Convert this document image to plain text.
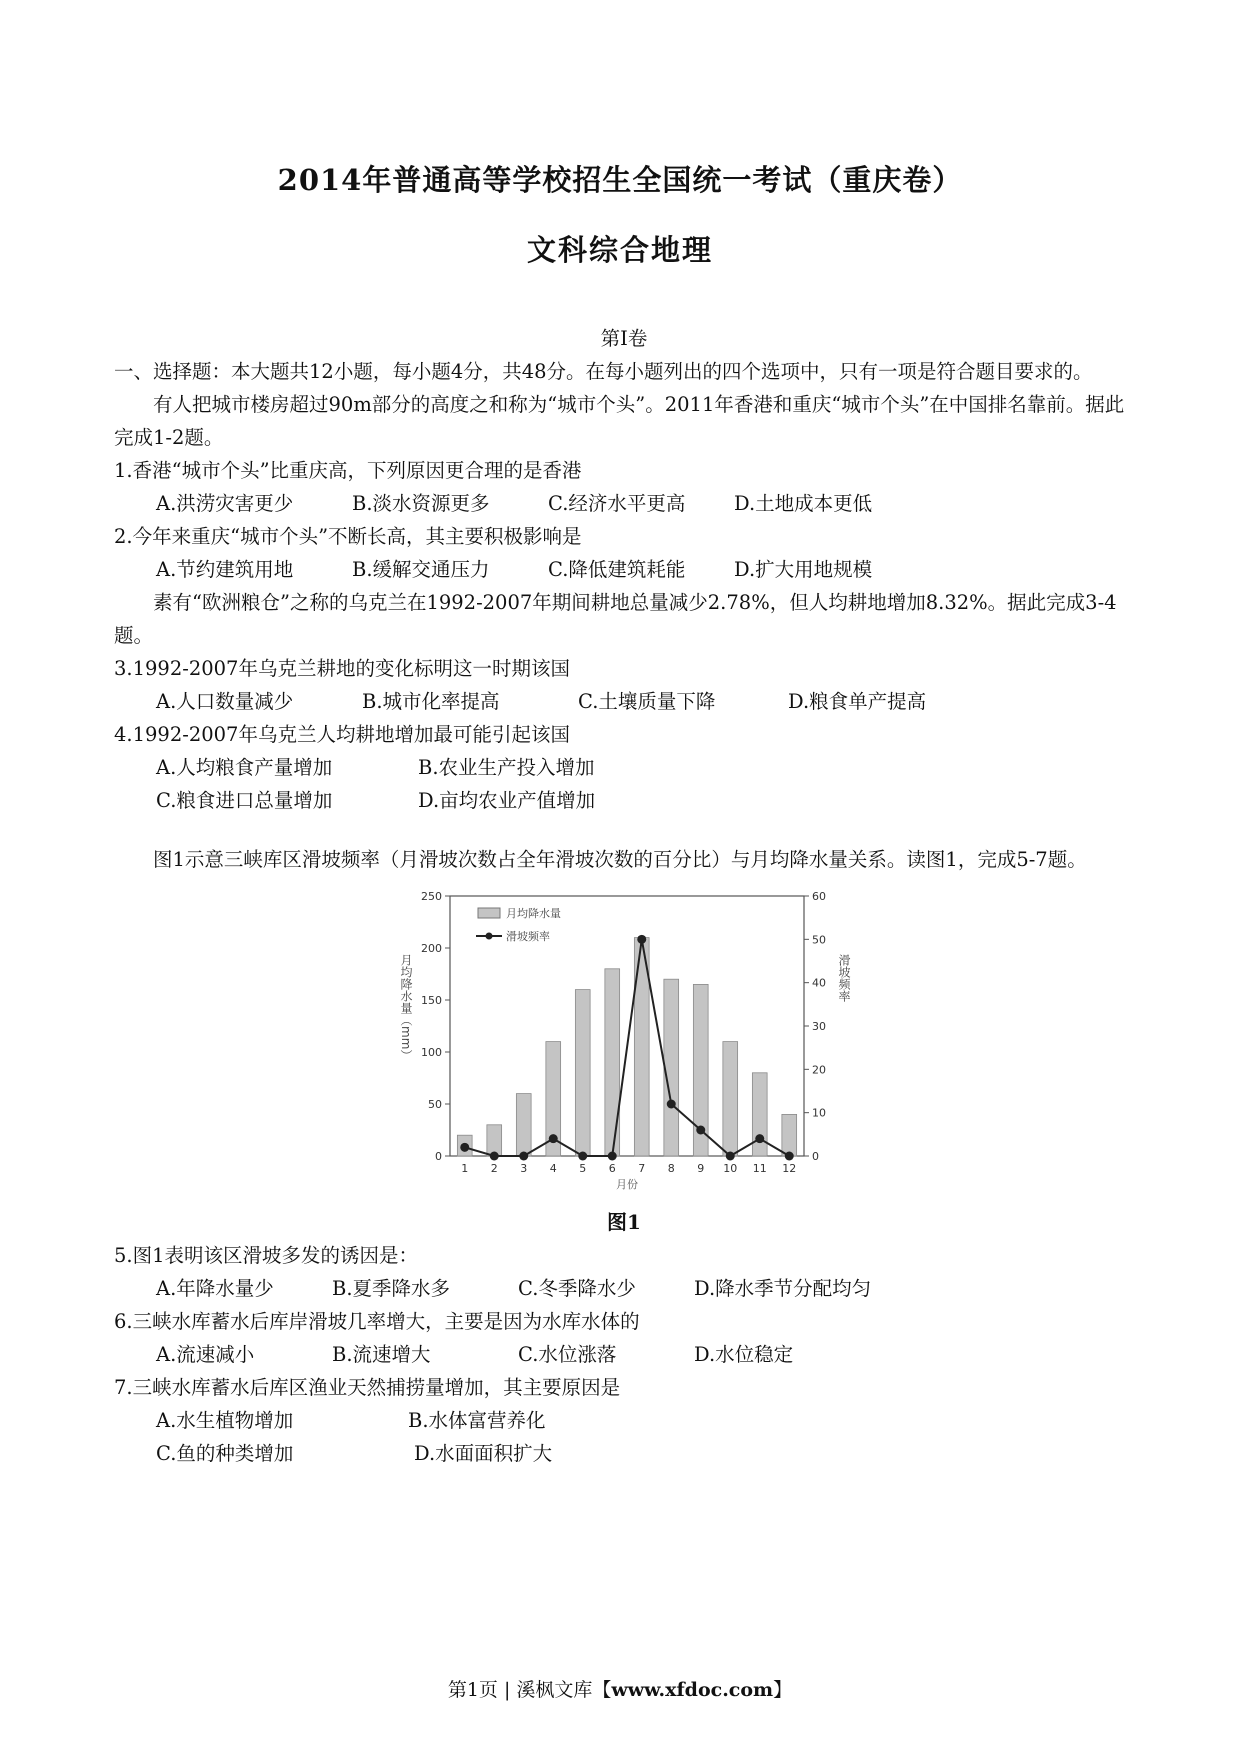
2014年普通高等学校招生全国统一考试（重庆卷）
文科综合地理
第Ⅰ卷
一、选择题：本大题共12小题，每小题4分，共48分。在每小题列出的四个选项中，只有一项是符合题目要求的。
有人把城市楼房超过90m部分的高度之和称为“城市个头”。2011年香港和重庆“城市个头”在中国排名靠前。据此完成1-2题。
1.香港“城市个头”比重庆高，下列原因更合理的是香港
A.洪涝灾害更少	B.淡水资源更多	C.经济水平更高 D.土地成本更低
2.今年来重庆“城市个头”不断长高，其主要积极影响是
A.节约建筑用地	B.缓解交通压力	C.降低建筑耗能 D.扩大用地规模
素有“欧洲粮仓”之称的乌克兰在1992-2007年期间耕地总量减少2.78%，但人均耕地增加8.32%。据此完成3-4题。
3.1992-2007年乌克兰耕地的变化标明这一时期该国
A.人口数量减少	B.城市化率提高	C.土壤质量下降	D.粮食单产提高
4.1992-2007年乌克兰人均耕地增加最可能引起该国
A.人均粮食产量增加	B.农业生产投入增加
C.粮食进口总量增加	D.亩均农业产值增加
图1示意三峡库区滑坡频率（月滑坡次数占全年滑坡次数的百分比）与月均降水量关系。读图1，完成5-7题。
0
50
100
150
200
250
0
10
20
30
40
50
60
1 2 3 4 5 6 7 8 9 10 11 12
月份
月均降水量（mm）	滑坡频率
月均降水量
滑坡频率
图1
5.图1表明该区滑坡多发的诱因是：
A.年降水量少	B.夏季降水多	C.冬季降水少	D.降水季节分配均匀
6.三峡水库蓄水后库岸滑坡几率增大，主要是因为水库水体的
A.流速减小	B.流速增大	C.水位涨落	D.水位稳定
7.三峡水库蓄水后库区渔业天然捕捞量增加，其主要原因是
A.水生植物增加	B.水体富营养化
C.鱼的种类增加	D.水面面积扩大
第1页 | 溪枫文库【www.xfdoc.com】
